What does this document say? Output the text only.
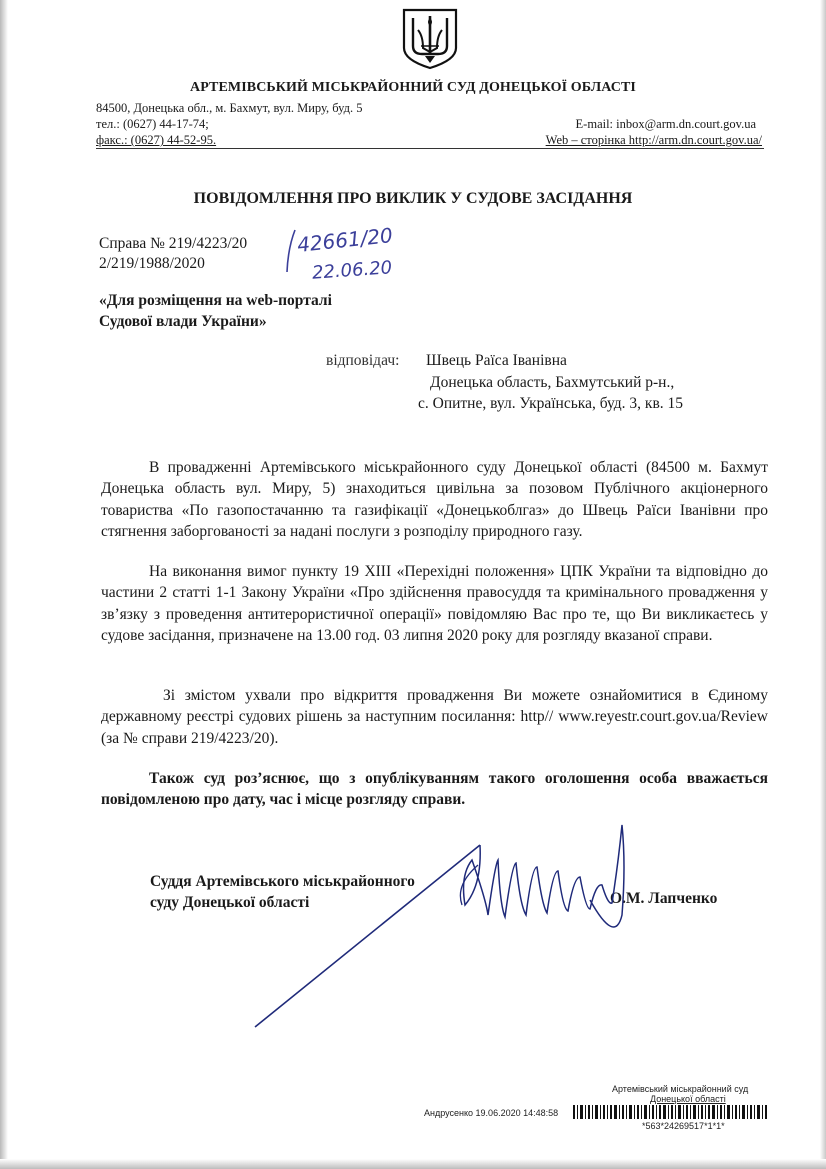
АРТЕМІВСЬКИЙ МІСЬКРАЙОННИЙ СУД ДОНЕЦЬКОЇ ОБЛАСТІ
84500, Донецька обл., м. Бахмут, вул. Миру, буд. 5
тел.: (0627) 44-17-74;
факс.: (0627) 44-52-95.
E-mail: inbox@arm.dn.court.gov.ua
Web – сторінка http://arm.dn.court.gov.ua/
ПОВІДОМЛЕННЯ ПРО ВИКЛИК У СУДОВЕ ЗАСІДАННЯ
Справа № 219/4223/20
2/219/1988/2020
42661/20
22.06.20
«Для розміщення на web-порталі
Судової влади України»
відповідач: Швець Раїса Іванівна
Донецька область, Бахмутський р-н.,
с. Опитне, вул. Українська, буд. 3, кв. 15
В провадженні Артемівського міськрайонного суду Донецької області (84500 м. Бахмут Донецька область вул. Миру, 5) знаходиться цивільна за позовом Публічного акціонерного товариства «По газопостачанню та газифікації «Донецькоблгаз» до Швець Раїси Іванівни про стягнення заборгованості за надані послуги з розподілу природного газу.
На виконання вимог пункту 19 XIII «Перехідні положення» ЦПК України та відповідно до частини 2 статті 1-1 Закону України «Про здійснення правосуддя та кримінального провадження у зв’язку з проведення антитерористичної операції» повідомляю Вас про те, що Ви викликаєтесь у судове засідання, призначене на 13.00 год. 03 липня 2020 року для розгляду вказаної справи.
Зі змістом ухвали про відкриття провадження Ви можете ознайомитися в Єдиному державному реєстрі судових рішень за наступним посилання: http// www.reyestr.court.gov.ua/Review (за № справи 219/4223/20).
Також суд роз’яснює, що з опублікуванням такого оголошення особа вважається повідомленою про дату, час і місце розгляду справи.
Суддя Артемівського міськрайонного
суду Донецької області	О.М. Лапченко
Артемівський міськрайонний суд
Донецької області
Андрусенко 19.06.2020 14:48:58
*563*24269517*1*1*
